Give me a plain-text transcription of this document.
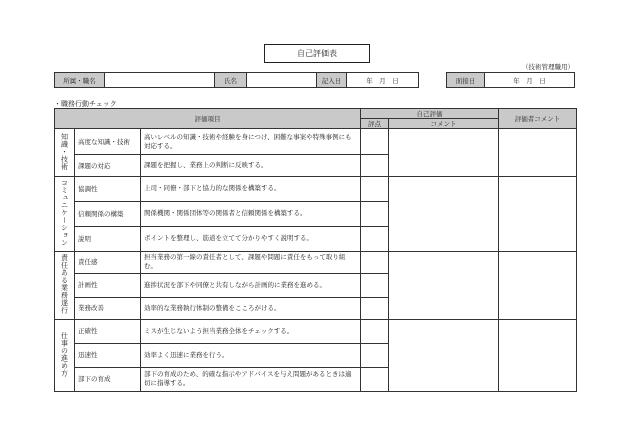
自己評価表
（技術管理職用）
所属・職名		氏名		記入日	年　月　日		面接日	年　月　日
・職務行動チェック
評価項目			自己評価		評価者コメント
			評点	コメント	
知識・技術	高度な知識・技術	高いレベルの知識・技術や経験を身につけ、困難な事案や特殊事例にも対応する。			
	課題の対応	課題を把握し、業務上の判断に反映する。			
コミュニケーション	協調性	上司・同僚・部下と協力的な関係を構築する。			
	信頼関係の構築	関係機関・関係団体等の関係者と信頼関係を構築する。			
	説明	ポイントを整理し、筋道を立てて分かりやすく説明する。			
責任ある業務遂行	責任感	担当業務の第一線の責任者として、課題や問題に責任をもって取り組む。			
	計画性	進捗状況を部下や同僚と共有しながら計画的に業務を進める。			
	業務改善	効率的な業務執行体制の整備をこころがける。			
仕事の進め方	正確性	ミスが生じないよう担当業務全体をチェックする。			
	迅速性	効率よく迅速に業務を行う。			
	部下の育成	部下の育成のため、的確な指示やアドバイスを与え問題があるときは適切に指導する。			
